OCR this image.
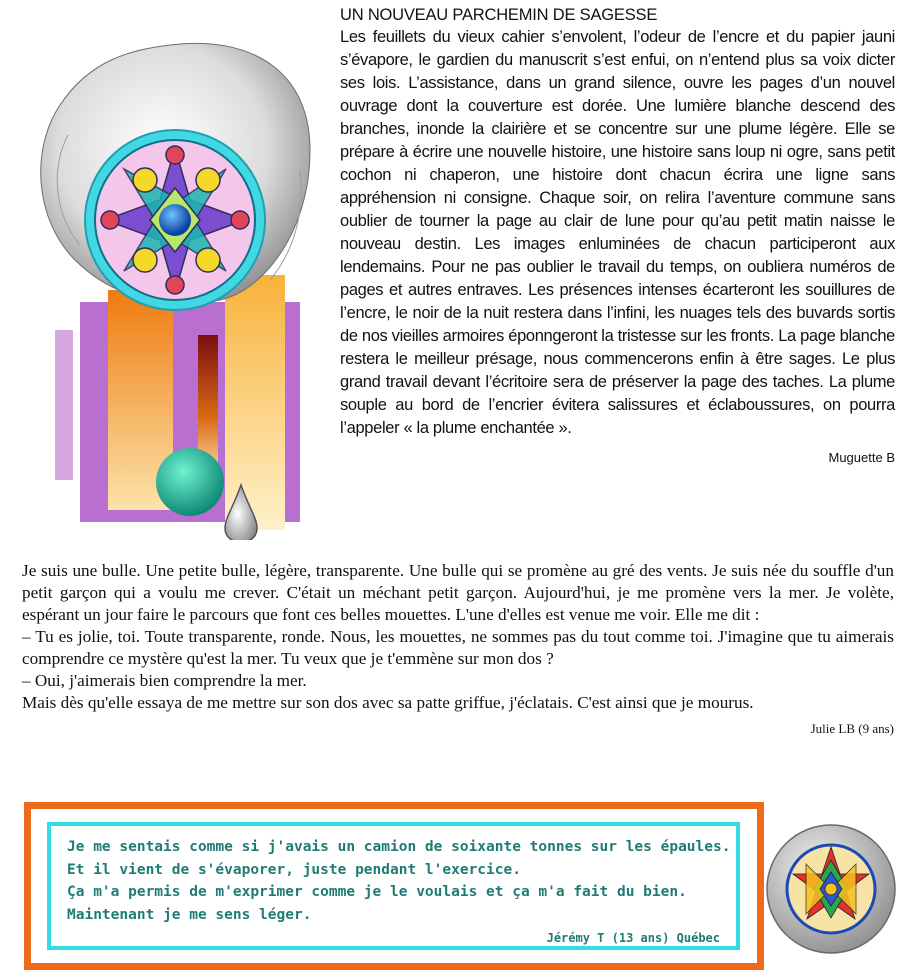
UN NOUVEAU PARCHEMIN DE SAGESSE

Les feuillets du vieux cahier s’envolent, l’odeur de l’encre et du papier jauni s’évapore, le gardien du manuscrit s’est enfui, on n’entend plus sa voix dicter ses lois. L’assistance, dans un grand silence, ouvre les pages d’un nouvel ouvrage dont la couverture est dorée. Une lumière blanche descend des branches, inonde la clairière et se concentre sur une plume légère. Elle se prépare à écrire une nouvelle histoire, une histoire sans loup ni ogre, sans petit cochon ni chaperon, une histoire dont chacun écrira une ligne sans appréhension ni consigne. Chaque soir, on relira l’aventure commune sans oublier de tourner la page au clair de lune pour qu’au petit matin naisse le nouveau destin. Les images enluminées de chacun participeront aux lendemains. Pour ne pas oublier le travail du temps, on oubliera numéros de pages et autres entraves. Les présences intenses écarteront les souillures de l’encre, le noir de la nuit restera dans l’infini, les nuages tels des buvards sortis de nos vieilles armoires éponngeront la tristesse sur les fronts. La page blanche restera le meilleur présage, nous commencerons enfin à être sages. Le plus grand travail devant l’écritoire sera de préserver la page des taches. La plume souple au bord de l’encrier évitera salissures et éclaboussures, on pourra l’appeler « la plume enchantée ».

Muguette B

Je suis une bulle. Une petite bulle, légère, transparente. Une bulle qui se promène au gré des vents. Je suis née du souffle d'un petit garçon qui a voulu me crever. C'était un méchant petit garçon. Aujourd'hui, je me promène vers la mer. Je volète, espérant un jour faire le parcours que font ces belles mouettes. L'une d'elles est venue me voir. Elle me dit :

– Tu es jolie, toi. Toute transparente, ronde. Nous, les mouettes, ne sommes pas du tout comme toi. J'imagine que tu aimerais comprendre ce mystère qu'est la mer. Tu veux que je t'emmène sur mon dos ?

– Oui, j'aimerais bien comprendre la mer.

Mais dès qu'elle essaya de me mettre sur son dos avec sa patte griffue, j'éclatais. C'est ainsi que je mourus.

Julie LB (9 ans)
Je me sentais comme si j'avais un camion de soixante tonnes sur les épaules.
Et il vient de s'évaporer, juste pendant l'exercice.
Ça m'a permis de m'exprimer comme je le voulais et ça m'a fait du bien.
Maintenant je me sens léger.
Jérémy T (13 ans) Québec
